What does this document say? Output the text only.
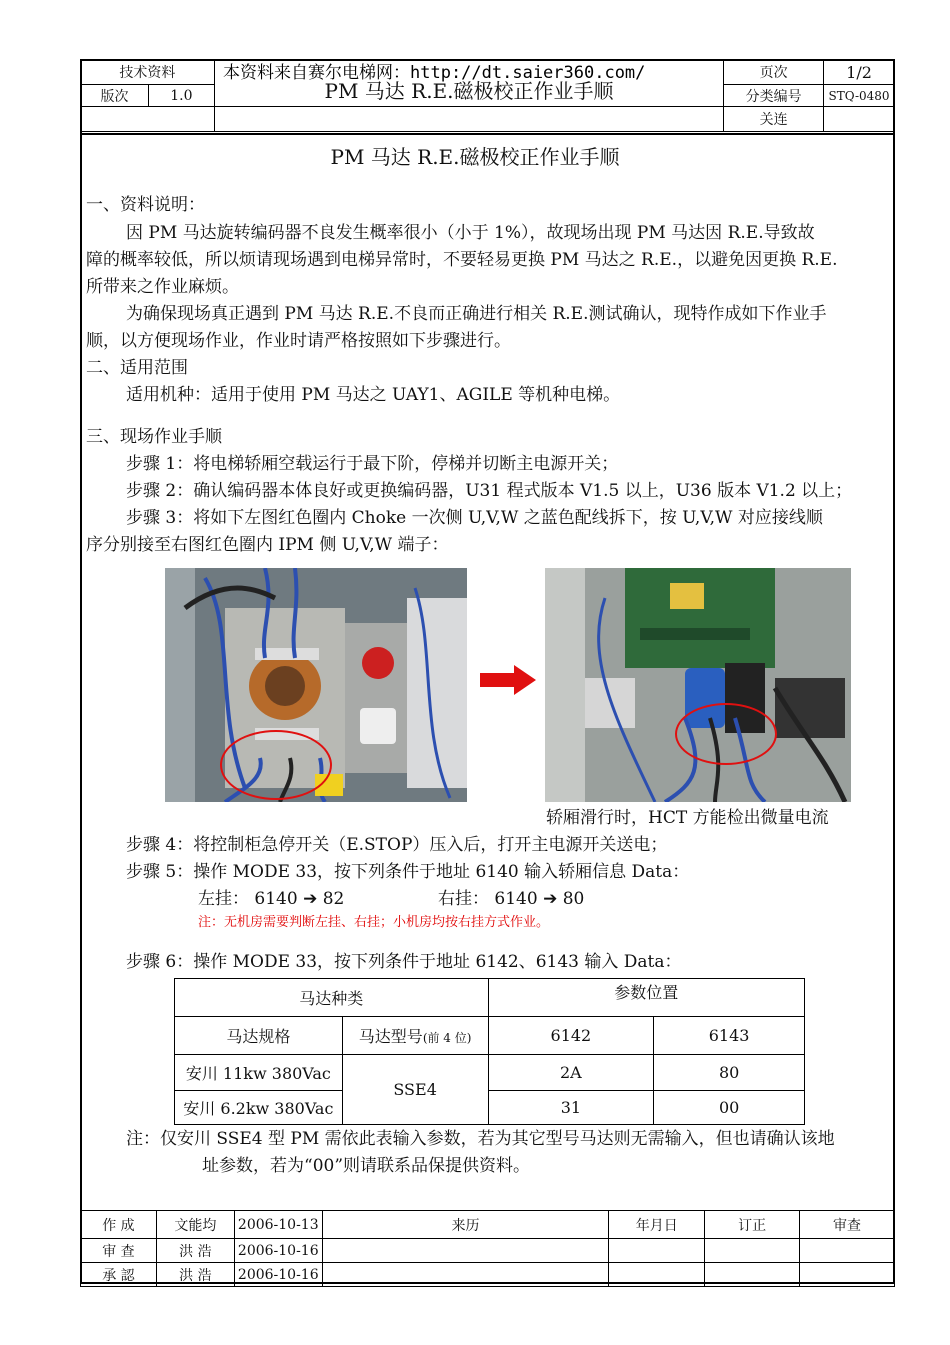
技术资料		PM 马达 R.E.磁极校正作业手顺	页次	1/2
版次	1.0		分类编号	STQ-0480
			关连	
本资料来自赛尔电梯网：http://dt.saier360.com/
PM 马达 R.E.磁极校正作业手顺
一、资料说明：
因 PM 马达旋转编码器不良发生概率很小（小于 1%），故现场出现 PM 马达因 R.E.导致故
障的概率较低，所以烦请现场遇到电梯异常时，不要轻易更换 PM 马达之 R.E.，以避免因更换 R.E.
所带来之作业麻烦。
为确保现场真正遇到 PM 马达 R.E.不良而正确进行相关 R.E.测试确认，现特作成如下作业手
顺，以方便现场作业，作业时请严格按照如下步骤进行。
二、适用范围
适用机种：适用于使用 PM 马达之 UAY1、AGILE 等机种电梯。
三、现场作业手顺
步骤 1：将电梯轿厢空载运行于最下阶，停梯并切断主电源开关；
步骤 2：确认编码器本体良好或更换编码器，U31 程式版本 V1.5 以上，U36 版本 V1.2 以上；
步骤 3：将如下左图红色圈内 Choke 一次侧 U,V,W 之蓝色配线拆下，按 U,V,W 对应接线顺
序分别接至右图红色圈内 IPM 侧 U,V,W 端子：
轿厢滑行时，HCT 方能检出微量电流
步骤 4：将控制柜急停开关（E.STOP）压入后，打开主电源开关送电；
步骤 5：操作 MODE 33，按下列条件于地址 6140 输入轿厢信息 Data：
左挂： 6140 ➔ 82	右挂： 6140 ➔ 80
注：无机房需要判断左挂、右挂；小机房均按右挂方式作业。
步骤 6：操作 MODE 33，按下列条件于地址 6142、6143 输入 Data：
马达种类		参数位置	
马达规格	马达型号(前 4 位)	6142	6143
安川 11kw 380Vac	SSE4	2A	80
安川 6.2kw 380Vac		31	00
注：仅安川 SSE4 型 PM 需依此表输入参数，若为其它型号马达则无需输入，但也请确认该地
址参数，若为“00”则请联系品保提供资料。
作 成	文能均	2006-10-13	来历	年月日	订正	审查
审 查	洪 浩	2006-10-16				
承 認	洪 浩	2006-10-16				
